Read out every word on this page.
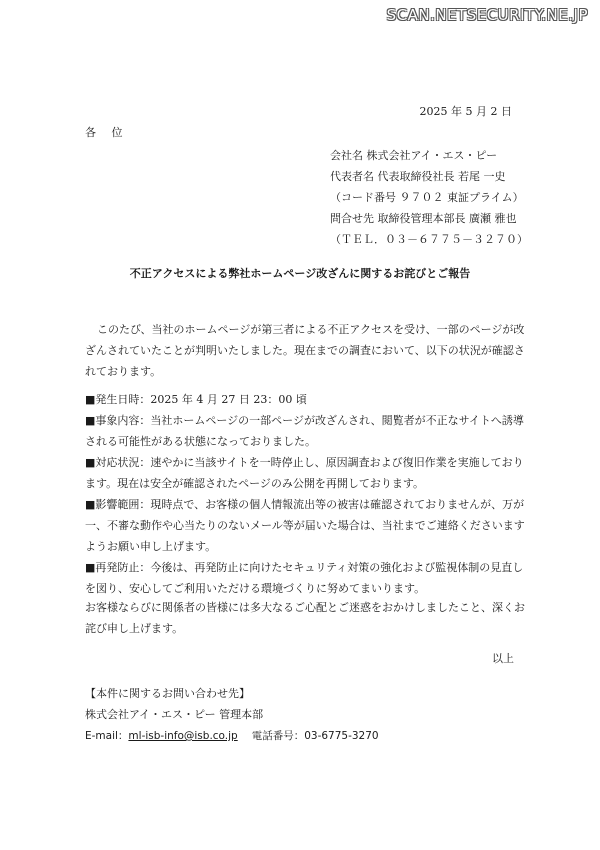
SCAN.NETSECURITY.NE.JP
2025 年 5 月 2 日
各 位
会社名 株式会社アイ・エス・ピー
代表者名 代表取締役社長 若尾 一史
（コード番号 ９７０２ 東証プライム）
問合せ先 取締役管理本部長 廣瀬 雅也
（ＴＥＬ．０３－６７７５－３２７０）
不正アクセスによる弊社ホームページ改ざんに関するお詫びとご報告
このたび、当社のホームページが第三者による不正アクセスを受け、一部のページが改ざんされていたことが判明いたしました。現在までの調査において、以下の状況が確認されております。

■発生日時：2025 年 4 月 27 日 23：00 頃

■事象内容：当社ホームページの一部ページが改ざんされ、閲覧者が不正なサイトへ誘導される可能性がある状態になっておりました。

■対応状況：速やかに当該サイトを一時停止し、原因調査および復旧作業を実施しております。現在は安全が確認されたページのみ公開を再開しております。

■影響範囲：現時点で、お客様の個人情報流出等の被害は確認されておりませんが、万が一、不審な動作や心当たりのないメール等が届いた場合は、当社までご連絡くださいますようお願い申し上げます。

■再発防止：今後は、再発防止に向けたセキュリティ対策の強化および監視体制の見直しを図り、安心してご利用いただける環境づくりに努めてまいります。

お客様ならびに関係者の皆様には多大なるご心配とご迷惑をおかけしましたこと、深くお詫び申し上げます。
以上
【本件に関するお問い合わせ先】
株式会社アイ・エス・ピー 管理本部
E-mail：ml-isb-info@isb.co.jp 電話番号：03-6775-3270
